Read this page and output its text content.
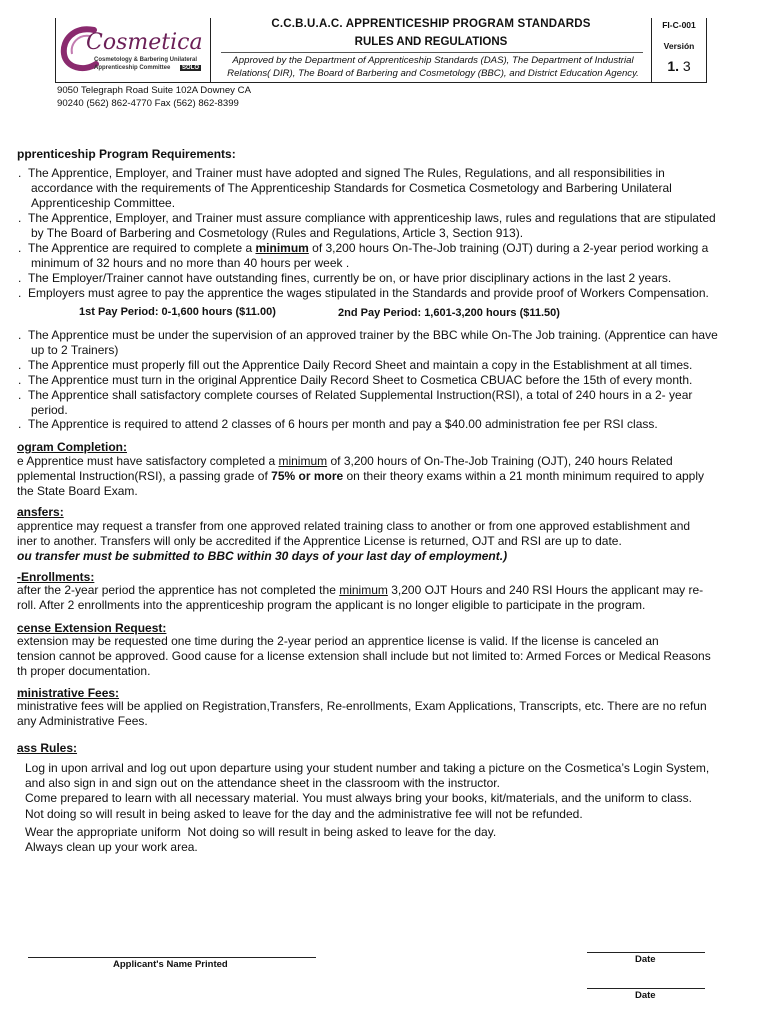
Cosmetica
Cosmetology & Barbering Unilateral
Apprenticeship Committee	SOLO
C.C.B.U.A.C. APPRENTICESHIP PROGRAM STANDARDS
RULES AND REGULATIONS
Approved by the Department of Apprenticeship Standards (DAS), The Department of Industrial
Relations( DIR), The Board of Barbering and Cosmetology (BBC), and District Education Agency.
FI-C-001
Versión
1. 3
9050 Telegraph Road Suite 102A Downey CA
90240 (562) 862-4770 Fax (562) 862-8399
pprenticeship Program Requirements:
. The Apprentice, Employer, and Trainer must have adopted and signed The Rules, Regulations, and all responsibilities in
accordance with the requirements of The Apprenticeship Standards for Cosmetica Cosmetology and Barbering Unilateral
Apprenticeship Committee.
. The Apprentice, Employer, and Trainer must assure compliance with apprenticeship laws, rules and regulations that are stipulated
by The Board of Barbering and Cosmetology (Rules and Regulations, Article 3, Section 913).
. The Apprentice are required to complete a minimum of 3,200 hours On-The-Job training (OJT) during a 2-year period working a
minimum of 32 hours and no more than 40 hours per week .
. The Employer/Trainer cannot have outstanding fines, currently be on, or have prior disciplinary actions in the last 2 years.
. Employers must agree to pay the apprentice the wages stipulated in the Standards and provide proof of Workers Compensation.
1st Pay Period: 0-1,600 hours ($11.00)	2nd Pay Period: 1,601-3,200 hours ($11.50)
. The Apprentice must be under the supervision of an approved trainer by the BBC while On-The Job training. (Apprentice can have
up to 2 Trainers)
. The Apprentice must properly fill out the Apprentice Daily Record Sheet and maintain a copy in the Establishment at all times.
. The Apprentice must turn in the original Apprentice Daily Record Sheet to Cosmetica CBUAC before the 15th of every month.
. The Apprentice shall satisfactory complete courses of Related Supplemental Instruction(RSI), a total of 240 hours in a 2- year
period.
. The Apprentice is required to attend 2 classes of 6 hours per month and pay a $40.00 administration fee per RSI class.
ogram Completion:
e Apprentice must have satisfactory completed a minimum of 3,200 hours of On-The-Job Training (OJT), 240 hours Related
pplemental Instruction(RSI), a passing grade of 75% or more on their theory exams within a 21 month minimum required to apply
the State Board Exam.
ansfers:
apprentice may request a transfer from one approved related training class to another or from one approved establishment and
iner to another. Transfers will only be accredited if the Apprentice License is returned, OJT and RSI are up to date.
ou transfer must be submitted to BBC within 30 days of your last day of employment.)
-Enrollments:
after the 2-year period the apprentice has not completed the minimum 3,200 OJT Hours and 240 RSI Hours the applicant may re-
roll. After 2 enrollments into the apprenticeship program the applicant is no longer eligible to participate in the program.
cense Extension Request:
extension may be requested one time during the 2-year period an apprentice license is valid. If the license is canceled an
tension cannot be approved. Good cause for a license extension shall include but not limited to: Armed Forces or Medical Reasons
th proper documentation.
ministrative Fees:
ministrative fees will be applied on Registration,Transfers, Re-enrollments, Exam Applications, Transcripts, etc. There are no refun
any Administrative Fees.
ass Rules:
Log in upon arrival and log out upon departure using your student number and taking a picture on the Cosmetica’s Login System,
and also sign in and sign out on the attendance sheet in the classroom with the instructor.
Come prepared to learn with all necessary material. You must always bring your books, kit/materials, and the uniform to class.
Not doing so will result in being asked to leave for the day and the administrative fee will not be refunded.
Wear the appropriate uniform Not doing so will result in being asked to leave for the day.
Always clean up your work area.
Applicant's Name Printed	Date
Date
